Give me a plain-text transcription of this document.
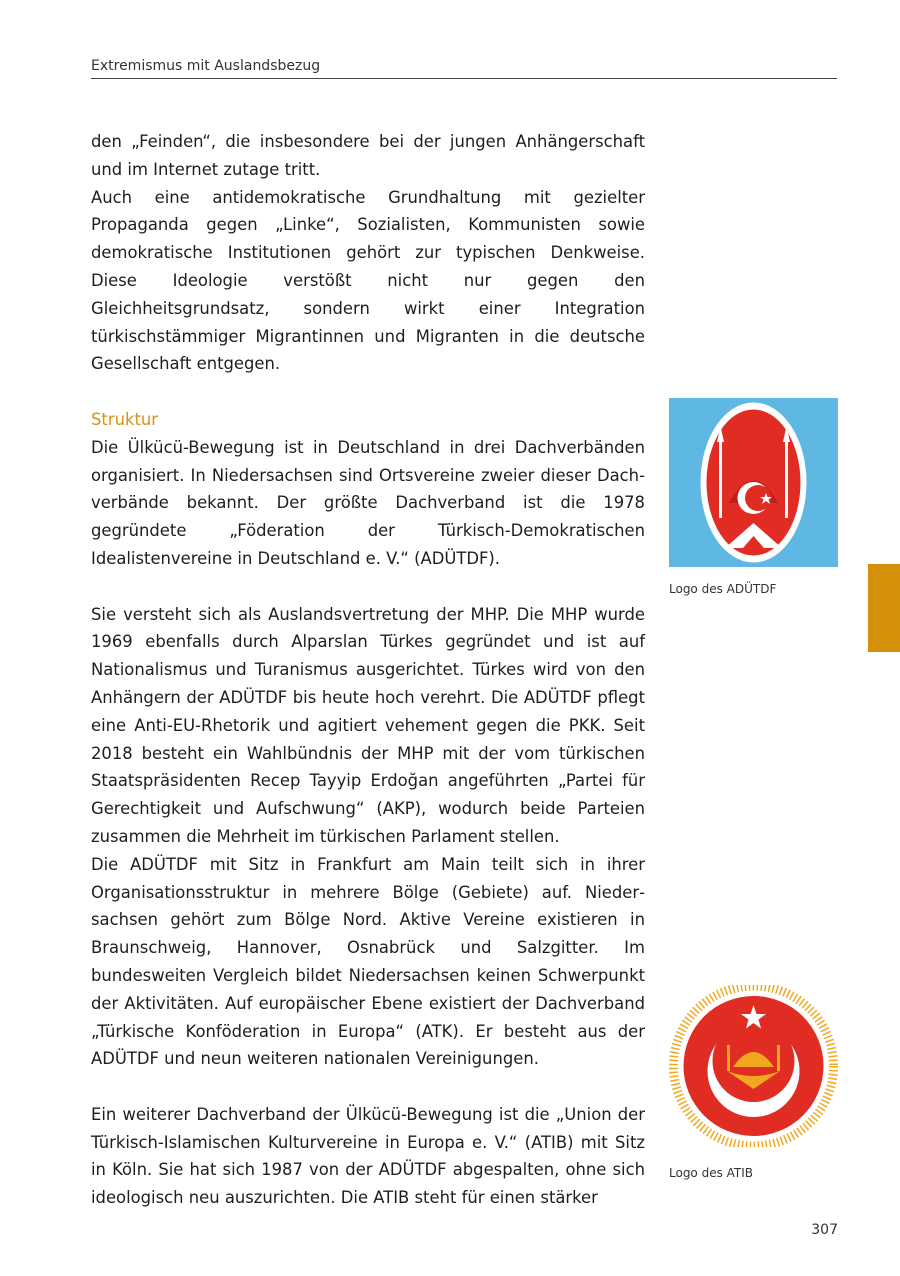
Extremismus mit Auslandsbezug

den „Feinden“, die insbesondere bei der jungen Anhängerschaft und im Internet zutage tritt.

Auch eine antidemokratische Grundhaltung mit gezielter Propaganda gegen „Linke“, Sozialisten, Kommunisten sowie demokratische Institutionen gehört zur typischen Denkweise. Diese Ideologie verstößt nicht nur gegen den Gleichheitsgrundsatz, sondern wirkt einer Integration türkischstämmiger Migrantinnen und Migranten in die deutsche Gesellschaft entgegen.

Struktur

Die Ülkücü-Bewegung ist in Deutschland in drei Dachverbänden organisiert. In Niedersachsen sind Ortsvereine zweier dieser Dachverbände bekannt. Der größte Dachverband ist die 1978 gegründete „Föderation der Türkisch-Demokratischen Idealistenvereine in Deutschland e. V.“ (ADÜTDF).

Sie versteht sich als Auslandsvertretung der MHP. Die MHP wurde 1969 ebenfalls durch Alparslan Türkes gegründet und ist auf Nationalismus und Turanismus ausgerichtet. Türkes wird von den Anhängern der ADÜTDF bis heute hoch verehrt. Die ADÜTDF pflegt eine Anti-EU-Rhetorik und agitiert vehement gegen die PKK. Seit 2018 besteht ein Wahlbündnis der MHP mit der vom türkischen Staatspräsidenten Recep Tayyip Erdoğan angeführten „Partei für Gerechtigkeit und Aufschwung“ (AKP), wodurch beide Parteien zusammen die Mehrheit im türkischen Parlament stellen.

Die ADÜTDF mit Sitz in Frankfurt am Main teilt sich in ihrer Organisationsstruktur in mehrere Bölge (Gebiete) auf. Niedersachsen gehört zum Bölge Nord. Aktive Vereine existieren in Braunschweig, Hannover, Osnabrück und Salzgitter. Im bundesweiten Vergleich bildet Niedersachsen keinen Schwerpunkt der Aktivitäten. Auf europäischer Ebene existiert der Dachverband „Türkische Konföderation in Europa“ (ATK). Er besteht aus der ADÜTDF und neun weiteren nationalen Vereinigungen.

Ein weiterer Dachverband der Ülkücü-Bewegung ist die „Union der Türkisch-Islamischen Kulturvereine in Europa e. V.“ (ATIB) mit Sitz in Köln. Sie hat sich 1987 von der ADÜTDF abgespalten, ohne sich ideologisch neu auszurichten. Die ATIB steht für einen stärker

Logo des ADÜTDF
Logo des ATIB
307
